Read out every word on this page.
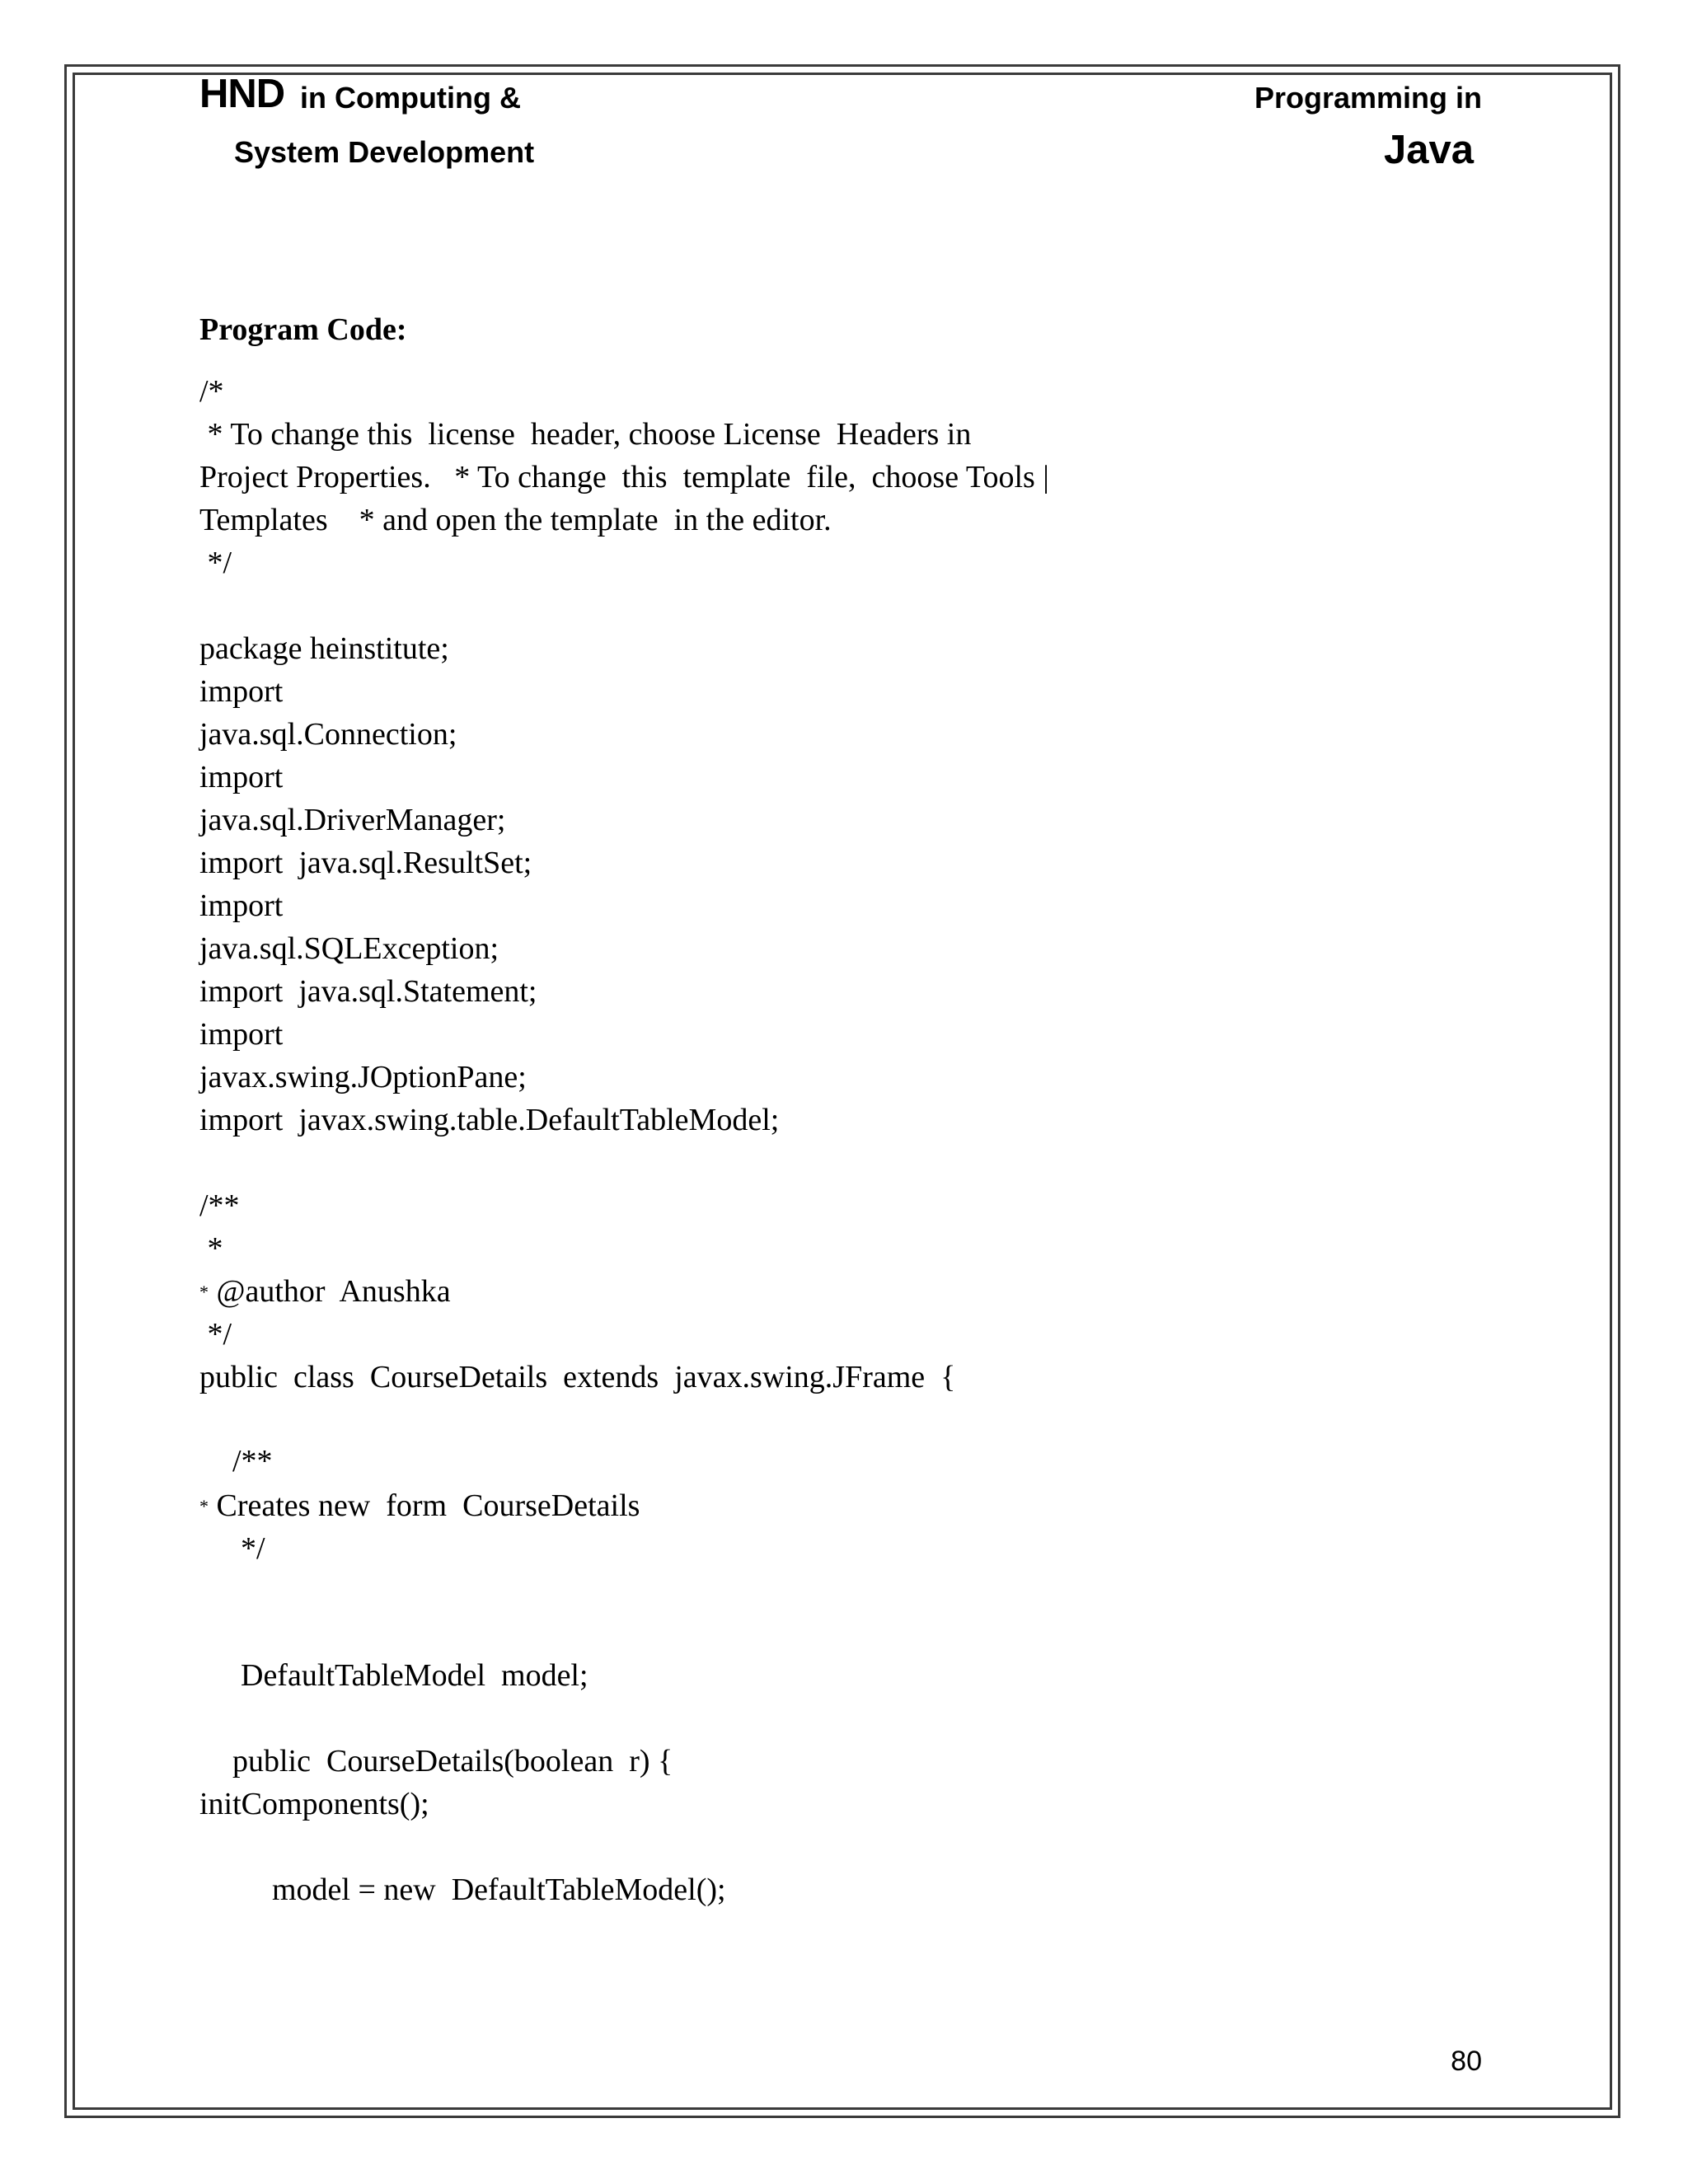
HND in Computing &
System Development
Programming in
Java
Program Code:
/*
* To change this  license  header, choose License  Headers in
Project Properties.   * To change  this  template  file,  choose Tools |
Templates    * and open the template  in the editor.
*/
package heinstitute;
import
java.sql.Connection;
import
java.sql.DriverManager;
import  java.sql.ResultSet;
import
java.sql.SQLException;
import  java.sql.Statement;
import
javax.swing.JOptionPane;
import  javax.swing.table.DefaultTableModel;
/**
*
* @author  Anushka
*/
public  class  CourseDetails  extends  javax.swing.JFrame  {
/**
* Creates new  form  CourseDetails
*/
DefaultTableModel  model;
public  CourseDetails(boolean  r) {
initComponents();
model = new  DefaultTableModel();
80
